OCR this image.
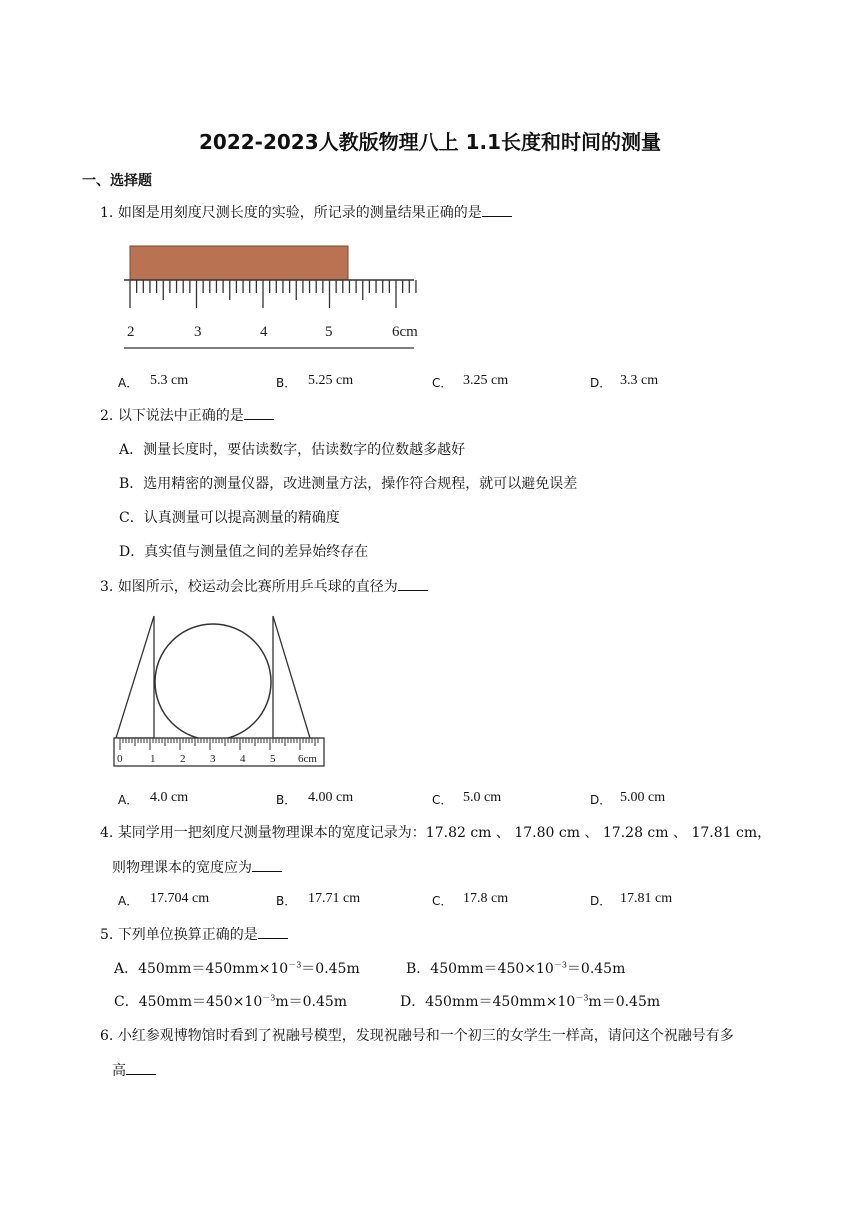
2022-2023人教版物理八上 1.1长度和时间的测量
一、选择题
1. 如图是用刻度尺测长度的实验，所记录的测量结果正确的是
2	3	4	5	6cm
A． 5.3 cm	B． 5.25 cm	C． 3.25 cm	D． 3.3 cm
2. 以下说法中正确的是
A．测量长度时，要估读数字，估读数字的位数越多越好
B．选用精密的测量仪器，改进测量方法，操作符合规程，就可以避免误差
C．认真测量可以提高测量的精确度
D．真实值与测量值之间的差异始终存在
3. 如图所示，校运动会比赛所用乒乓球的直径为
0	1 2 3 4 5 6cm
A． 4.0 cm	B． 4.00 cm	C． 5.0 cm	D． 5.00 cm
4. 某同学用一把刻度尺测量物理课本的宽度记录为：17.82 cm 、 17.80 cm 、 17.28 cm 、 17.81 cm，
则物理课本的宽度应为
A． 17.704 cm	B． 17.71 cm	C． 17.8 cm	D． 17.81 cm
5. 下列单位换算正确的是
A．$450mm=450mm\times 10^{-3}=0.45m$	B．$450mm=450\times 10^{-3}=0.45m$
C．$450mm=450\times 10^{-3}m=0.45m$	D．$450mm=450mm\times 10^{-3}m=0.45m$
6. 小红参观博物馆时看到了祝融号模型，发现祝融号和一个初三的女学生一样高，请问这个祝融号有多
高
